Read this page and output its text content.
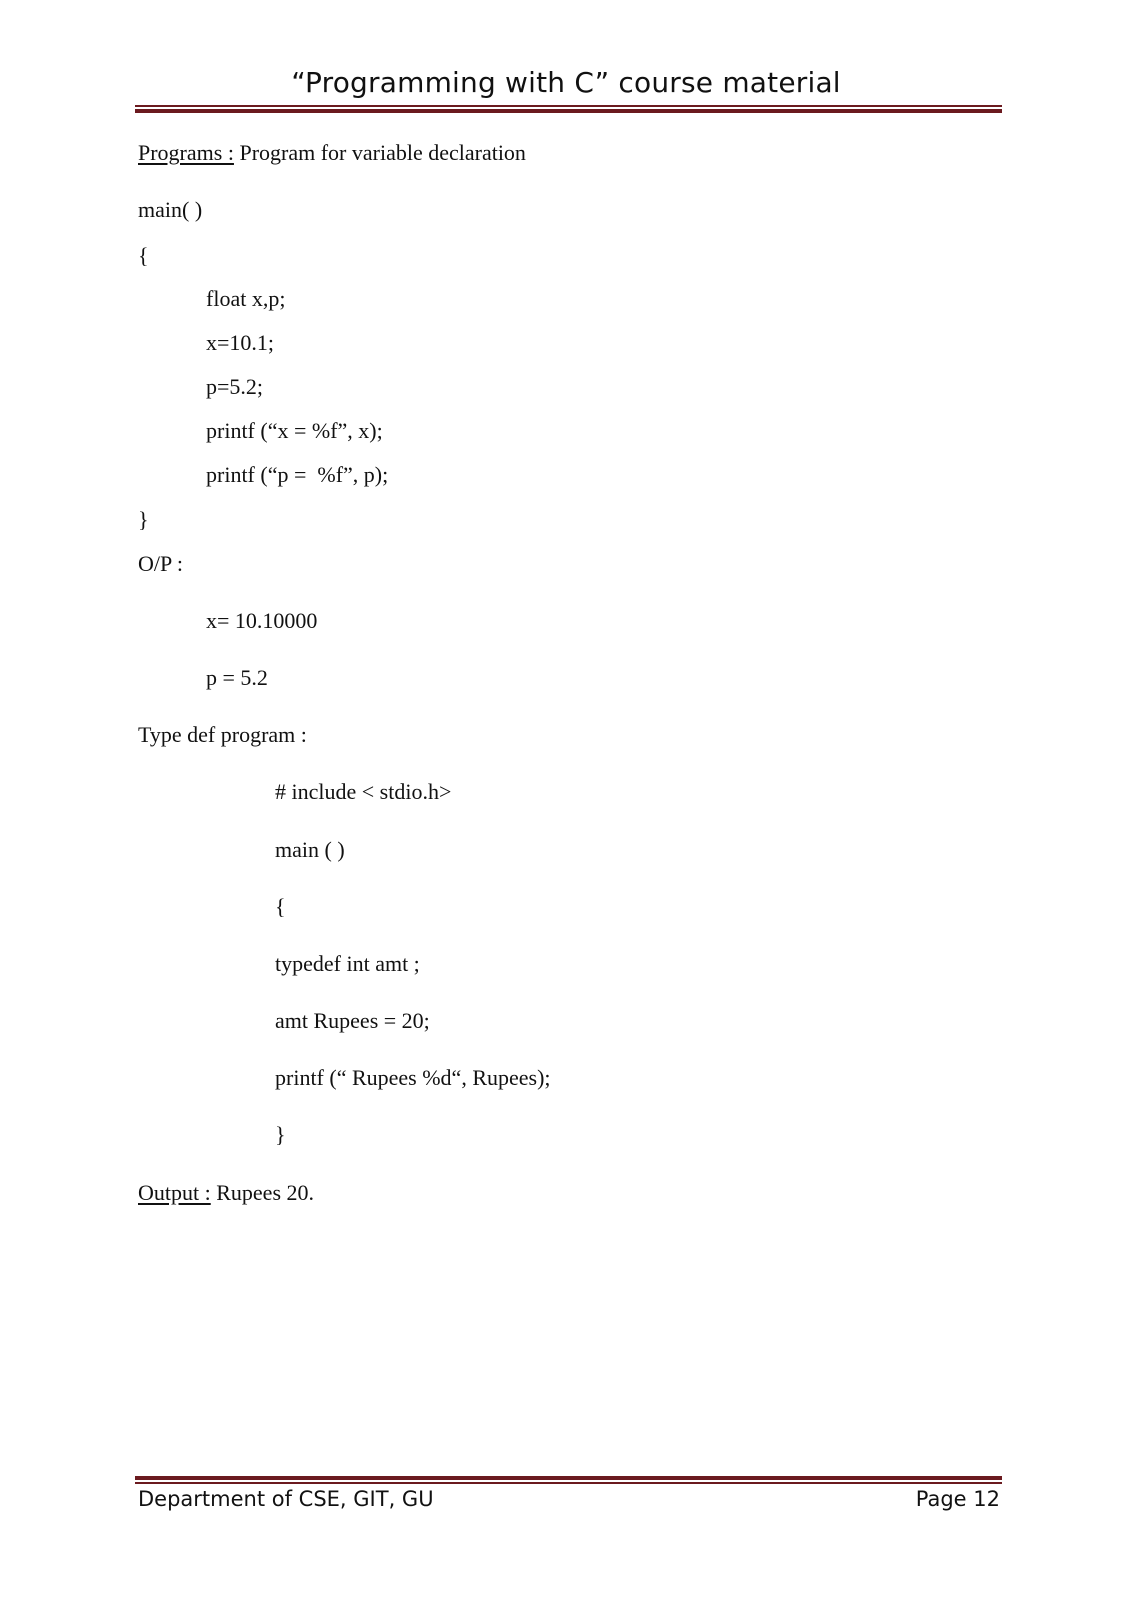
“Programming with C” course material
Programs : Program for variable declaration
main( )
{
float x,p;
x=10.1;
p=5.2;
printf (“x = %f”, x);
printf (“p =  %f”, p);
}
O/P :
x= 10.10000
p = 5.2
Type def program :
# include < stdio.h>
main ( )
{
typedef int amt ;
amt Rupees = 20;
printf (“ Rupees %d“, Rupees);
}
Output : Rupees 20.
Department of CSE, GIT, GU	Page 12
